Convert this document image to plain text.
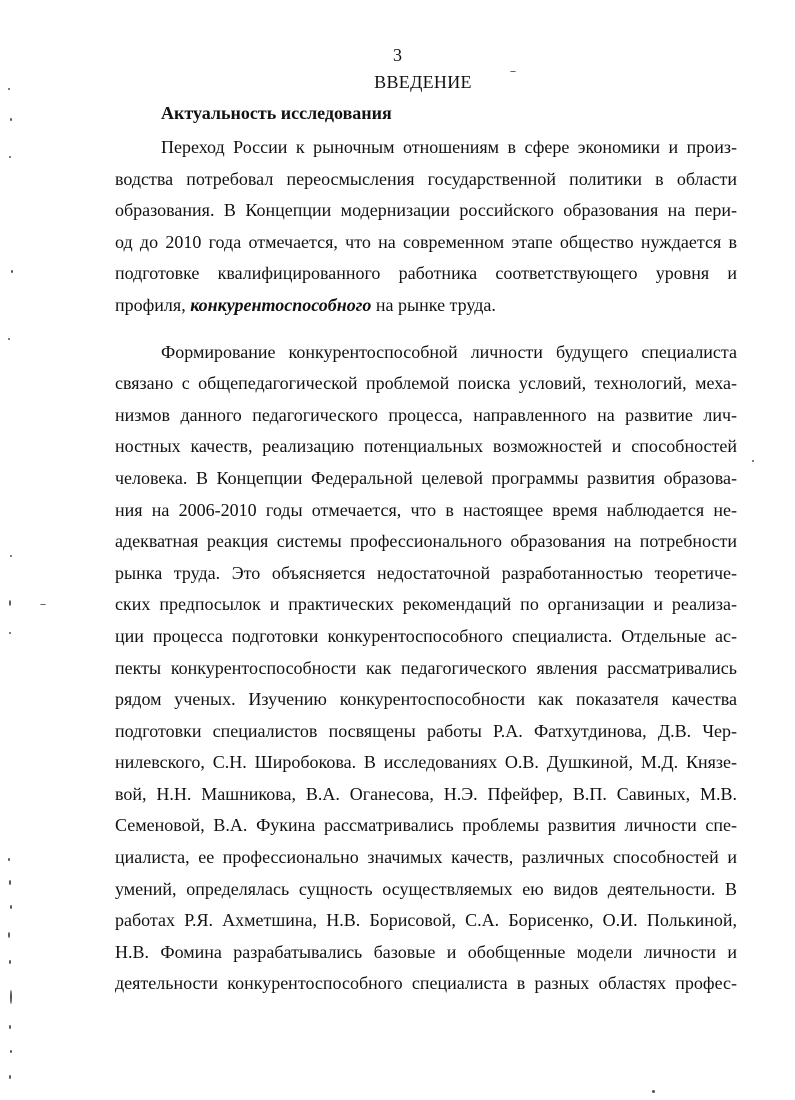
3
ВВЕДЕНИЕ
Актуальность исследования
Переход России к рыночным отношениям в сфере экономики и произ-
водства потребовал переосмысления государственной политики в области
образования. В Концепции модернизации российского образования на пери-
од до 2010 года отмечается, что на современном этапе общество нуждается в
подготовке квалифицированного работника соответствующего уровня и
профиля, конкурентоспособного на рынке труда.
Формирование конкурентоспособной личности будущего специалиста
связано с общепедагогической проблемой поиска условий, технологий, меха-
низмов данного педагогического процесса, направленного на развитие лич-
ностных качеств, реализацию потенциальных возможностей и способностей
человека. В Концепции Федеральной целевой программы развития образова-
ния на 2006-2010 годы отмечается, что в настоящее время наблюдается не-
адекватная реакция системы профессионального образования на потребности
рынка труда. Это объясняется недостаточной разработанностью теоретиче-
ских предпосылок и практических рекомендаций по организации и реализа-
ции процесса подготовки конкурентоспособного специалиста. Отдельные ас-
пекты конкурентоспособности как педагогического явления рассматривались
рядом ученых. Изучению конкурентоспособности как показателя качества
подготовки специалистов посвящены работы Р.А. Фатхутдинова, Д.В. Чер-
нилевского, С.Н. Широбокова. В исследованиях О.В. Душкиной, М.Д. Князе-
вой, Н.Н. Машникова, В.А. Оганесова, Н.Э. Пфейфер, В.П. Савиных, М.В.
Семеновой, В.А. Фукина рассматривались проблемы развития личности спе-
циалиста, ее профессионально значимых качеств, различных способностей и
умений, определялась сущность осуществляемых ею видов деятельности. В
работах Р.Я. Ахметшина, Н.В. Борисовой, С.А. Борисенко, О.И. Полькиной,
Н.В. Фомина разрабатывались базовые и обобщенные модели личности и
деятельности конкурентоспособного специалиста в разных областях профес-
